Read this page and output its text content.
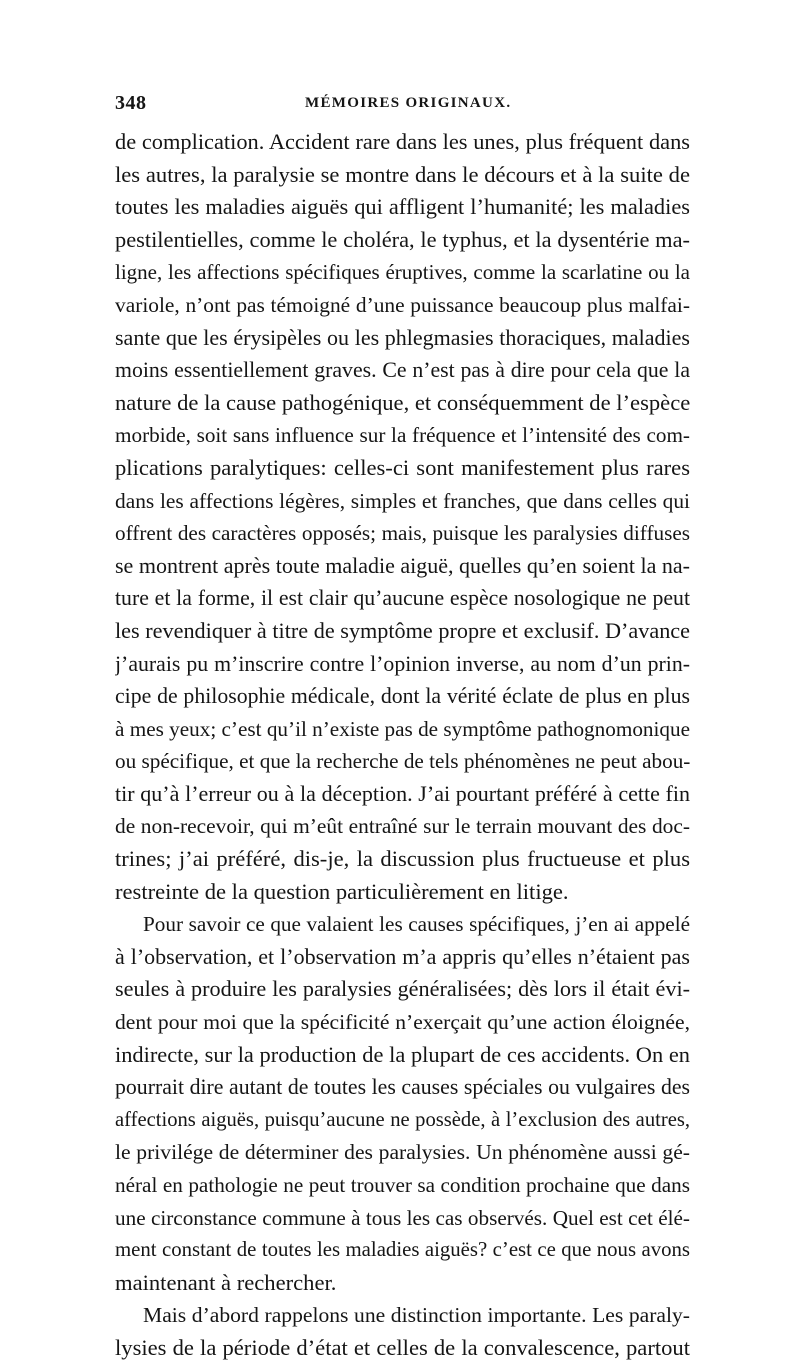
348	MÉMOIRES ORIGINAUX.
de complication. Accident rare dans les unes, plus fréquent dans
les autres, la paralysie se montre dans le décours et à la suite de
toutes les maladies aiguës qui affligent l’humanité; les maladies
pestilentielles, comme le choléra, le typhus, et la dysentérie ma-
ligne, les affections spécifiques éruptives, comme la scarlatine ou la
variole, n’ont pas témoigné d’une puissance beaucoup plus malfai-
sante que les érysipèles ou les phlegmasies thoraciques, maladies
moins essentiellement graves. Ce n’est pas à dire pour cela que la
nature de la cause pathogénique, et conséquemment de l’espèce
morbide, soit sans influence sur la fréquence et l’intensité des com-
plications paralytiques: celles-ci sont manifestement plus rares
dans les affections légères, simples et franches, que dans celles qui
offrent des caractères opposés; mais, puisque les paralysies diffuses
se montrent après toute maladie aiguë, quelles qu’en soient la na-
ture et la forme, il est clair qu’aucune espèce nosologique ne peut
les revendiquer à titre de symptôme propre et exclusif. D’avance
j’aurais pu m’inscrire contre l’opinion inverse, au nom d’un prin-
cipe de philosophie médicale, dont la vérité éclate de plus en plus
à mes yeux; c’est qu’il n’existe pas de symptôme pathognomonique
ou spécifique, et que la recherche de tels phénomènes ne peut abou-
tir qu’à l’erreur ou à la déception. J’ai pourtant préféré à cette fin
de non-recevoir, qui m’eût entraîné sur le terrain mouvant des doc-
trines; j’ai préféré, dis-je, la discussion plus fructueuse et plus
restreinte de la question particulièrement en litige.
Pour savoir ce que valaient les causes spécifiques, j’en ai appelé
à l’observation, et l’observation m’a appris qu’elles n’étaient pas
seules à produire les paralysies généralisées; dès lors il était évi-
dent pour moi que la spécificité n’exerçait qu’une action éloignée,
indirecte, sur la production de la plupart de ces accidents. On en
pourrait dire autant de toutes les causes spéciales ou vulgaires des
affections aiguës, puisqu’aucune ne possède, à l’exclusion des autres,
le privilége de déterminer des paralysies. Un phénomène aussi gé-
néral en pathologie ne peut trouver sa condition prochaine que dans
une circonstance commune à tous les cas observés. Quel est cet élé-
ment constant de toutes les maladies aiguës? c’est ce que nous avons
maintenant à rechercher.
Mais d’abord rappelons une distinction importante. Les paraly-
lysies de la période d’état et celles de la convalescence, partout
